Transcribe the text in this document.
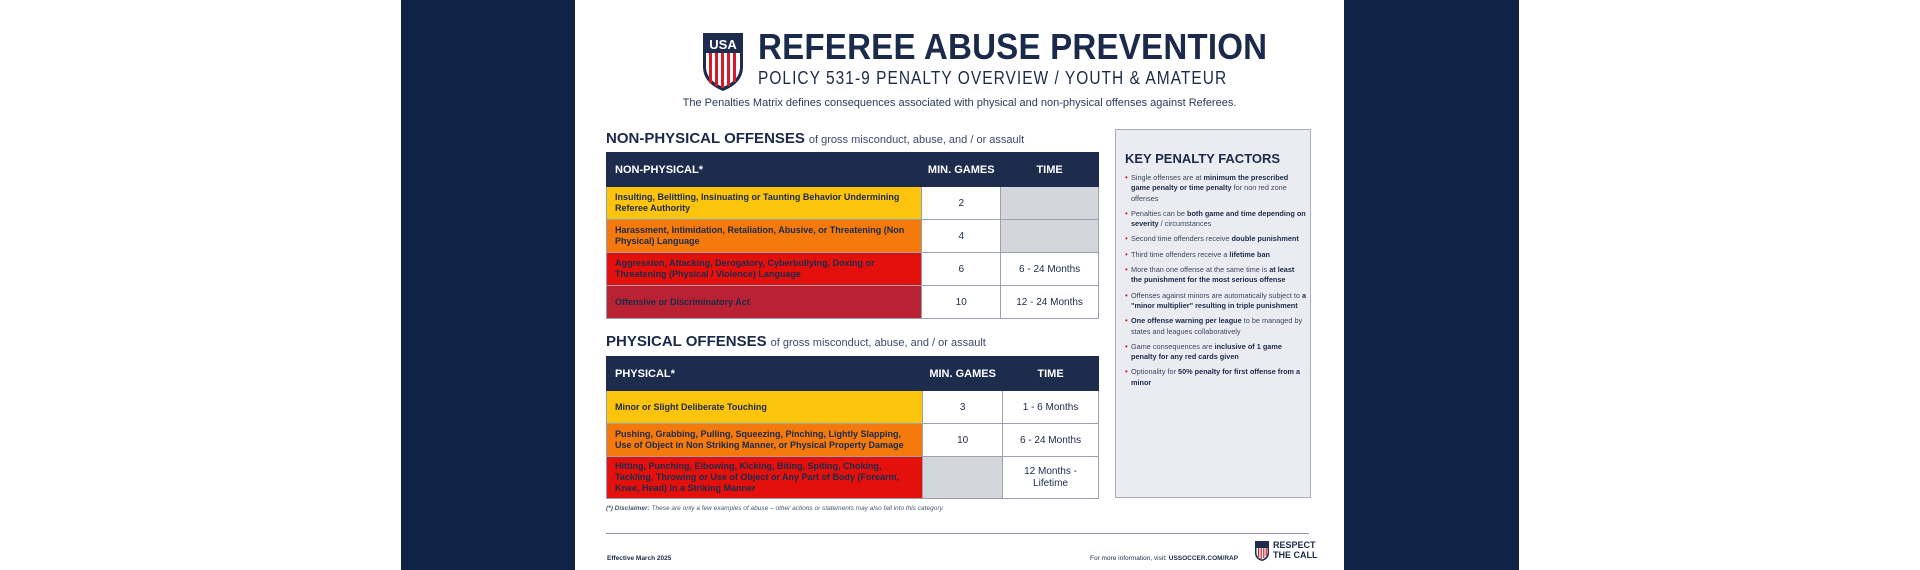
USA REFEREE ABUSE PREVENTION
POLICY 531-9 PENALTY OVERVIEW / YOUTH & AMATEUR
The Penalties Matrix defines consequences associated with physical and non-physical offenses against Referees.
NON-PHYSICAL OFFENSES of gross misconduct, abuse, and / or assault
NON-PHYSICAL*	MIN. GAMES	TIME
Insulting, Belittling, Insinuating or Taunting Behavior Undermining Referee Authority	2	
Harassment, Intimidation, Retaliation, Abusive, or Threatening (Non Physical) Language	4	
Aggression, Attacking, Derogatory, Cyberbullying, Doxing or Threatening (Physical / Violence) Language	6	6 - 24 Months
Offensive or Discriminatory Act	10	12 - 24 Months
PHYSICAL OFFENSES of gross misconduct, abuse, and / or assault
PHYSICAL*	MIN. GAMES	TIME
Minor or Slight Deliberate Touching	3	1 - 6 Months
Pushing, Grabbing, Pulling, Squeezing, Pinching, Lightly Slapping, Use of Object in Non Striking Manner, or Physical Property Damage	10	6 - 24 Months
Hitting, Punching, Elbowing, Kicking, Biting, Spiting, Choking, Tackling, Throwing or Use of Object or Any Part of Body (Forearm, Knee, Head) in a Striking Manner		12 Months - Lifetime
(*) Disclaimer: These are only a few examples of abuse – other actions or statements may also fall into this category.
KEY PENALTY FACTORS
• Single offenses are at minimum the prescribed game penalty or time penalty for non red zone offenses
• Penalties can be both game and time depending on severity / circumstances
• Second time offenders receive double punishment
• Third time offenders receive a lifetime ban
• More than one offense at the same time is at least the punishment for the most serious offense
• Offenses against minors are automatically subject to a "minor multiplier" resulting in triple punishment
• One offense warning per league to be managed by states and leagues collaboratively
• Game consequences are inclusive of 1 game penalty for any red cards given
• Optionality for 50% penalty for first offense from a minor
Effective March 2025	For more information, visit: USSOCCER.COM/RAP
RESPECT
THE CALL
